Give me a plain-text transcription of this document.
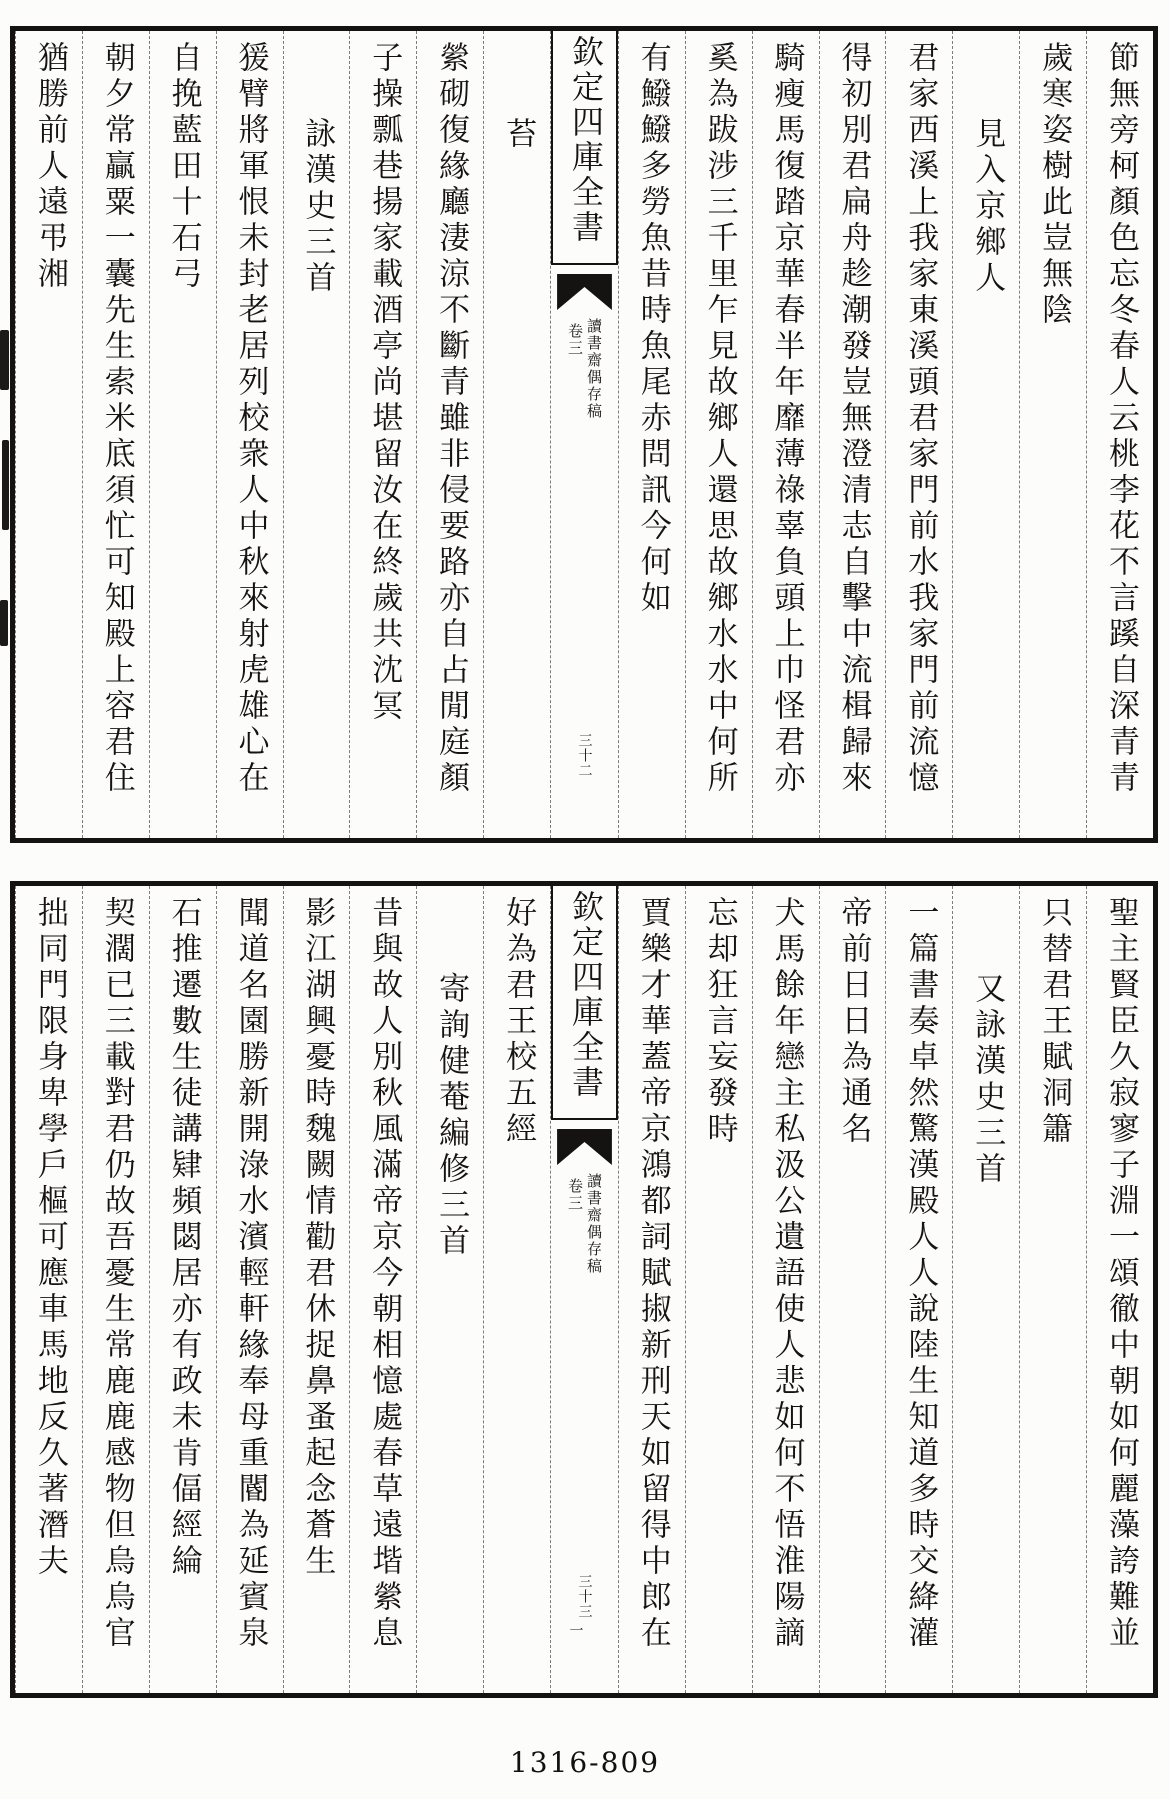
節無旁柯顏色忘冬春人云桃李花不言蹊自深青青
歲寒姿樹此豈無陰
見入京鄉人
君家西溪上我家東溪頭君家門前水我家門前流憶
得初別君扁舟趁潮發豈無澄清志自擊中流楫歸來
騎瘦馬復踏京華春半年靡薄祿辜負頭上巾怪君亦
奚為跋涉三千里乍見故鄉人還思故鄉水水中何所
有鱍鱍多勞魚昔時魚尾赤問訊今何如
欽定四庫全書
讀書齋偶存稿
卷三
三十二
苔
縈砌復緣廳淒涼不斷青雖非侵要路亦自占閒庭顏
子操瓢巷揚家載酒亭尚堪留汝在終歲共沈冥
詠漢史三首
猨臂將軍恨未封老居列校衆人中秋來射虎雄心在
自挽藍田十石弓
朝夕常贏粟一囊先生索米底須忙可知殿上容君住
猶勝前人遠弔湘
聖主賢臣久寂寥子淵一頌徹中朝如何麗藻誇難並
只替君王賦洞簫
又詠漢史三首
一篇書奏卓然驚漢殿人人說陸生知道多時交絳灌
帝前日日為通名
犬馬餘年戀主私汲公遺語使人悲如何不悟淮陽謫
忘却狂言妄發時
賈樂才華蓋帝京鴻都詞賦掓新刑天如留得中郎在
欽定四庫全書
讀書齋偶存稿
卷三
三十三
一
好為君王校五經
寄詢健菴編修三首
昔與故人別秋風滿帝京今朝相憶處春草遠堦縈息
影江湖興憂時魏闕情勸君休捉鼻蚤起念蒼生
聞道名園勝新開淥水濱輕軒緣奉母重閽為延賓泉
石推遷數生徒講肄頻閟居亦有政未肯偪經綸
契濶已三載對君仍故吾憂生常鹿鹿感物但烏烏官
拙同門限身卑學戶樞可應車馬地反久著潛夫
1316-809
